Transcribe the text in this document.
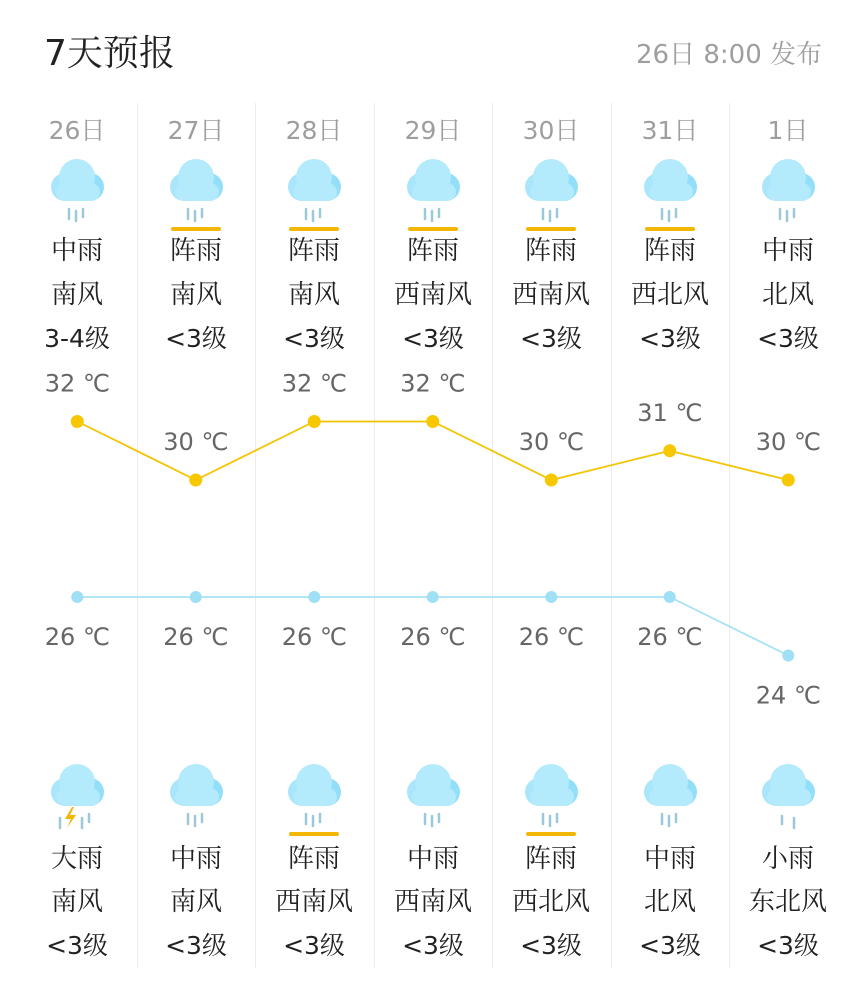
7天预报	26日 8:00 发布
26日
中雨
南风
3-4级
大雨
南风
<3级
27日
阵雨
南风
<3级
中雨
南风
<3级
28日
阵雨
南风
<3级
阵雨
西南风
<3级
29日
阵雨
西南风
<3级
中雨
西南风
<3级
30日
阵雨
西南风
<3级
阵雨
西北风
<3级
31日
阵雨
西北风
<3级
中雨
北风
<3级
1日
中雨
北风
<3级
小雨
东北风
<3级
32 ℃
26 ℃
30 ℃
26 ℃
32 ℃
26 ℃
32 ℃
26 ℃
30 ℃
26 ℃
31 ℃
26 ℃
30 ℃
24 ℃
